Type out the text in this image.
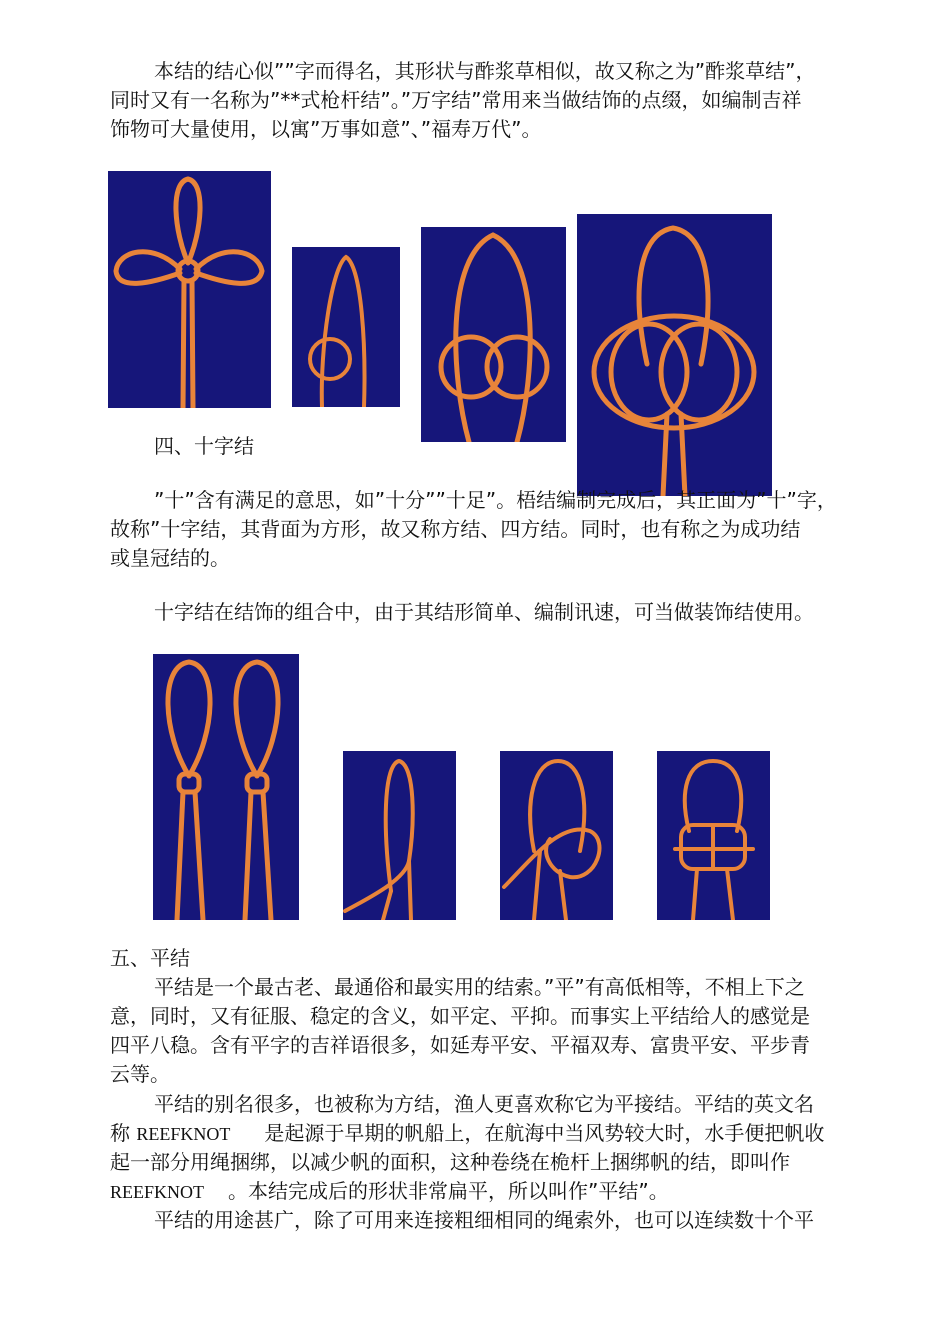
本结的结心似””字而得名，其形状与酢浆草相似，故又称之为”酢浆草结”，
同时又有一名称为”**式枪杆结”。”万字结”常用来当做结饰的点缀，如编制吉祥
饰物可大量使用，以寓”万事如意”、”福寿万代”。
四、十字结
”十”含有满足的意思，如”十分””十足”。梧结编制完成后，其正面为”十”字，
故称”十字结，其背面为方形，故又称方结、四方结。同时，也有称之为成功结
或皇冠结的。
十字结在结饰的组合中，由于其结形简单、编制讯速，可当做装饰结使用。
五、平结
平结是一个最古老、最通俗和最实用的结索。”平”有高低相等，不相上下之
意，同时，又有征服、稳定的含义，如平定、平抑。而事实上平结给人的感觉是
四平八稳。含有平字的吉祥语很多，如延寿平安、平福双寿、富贵平安、平步青
云等。
平结的别名很多，也被称为方结，渔人更喜欢称它为平接结。平结的英文名
称 REEFKNOT 是起源于早期的帆船上，在航海中当风势较大时，水手便把帆收
起一部分用绳捆绑，以减少帆的面积，这种卷绕在桅杆上捆绑帆的结，即叫作
REEFKNOT 。本结完成后的形状非常扁平，所以叫作”平结”。
平结的用途甚广，除了可用来连接粗细相同的绳索外，也可以连续数十个平
